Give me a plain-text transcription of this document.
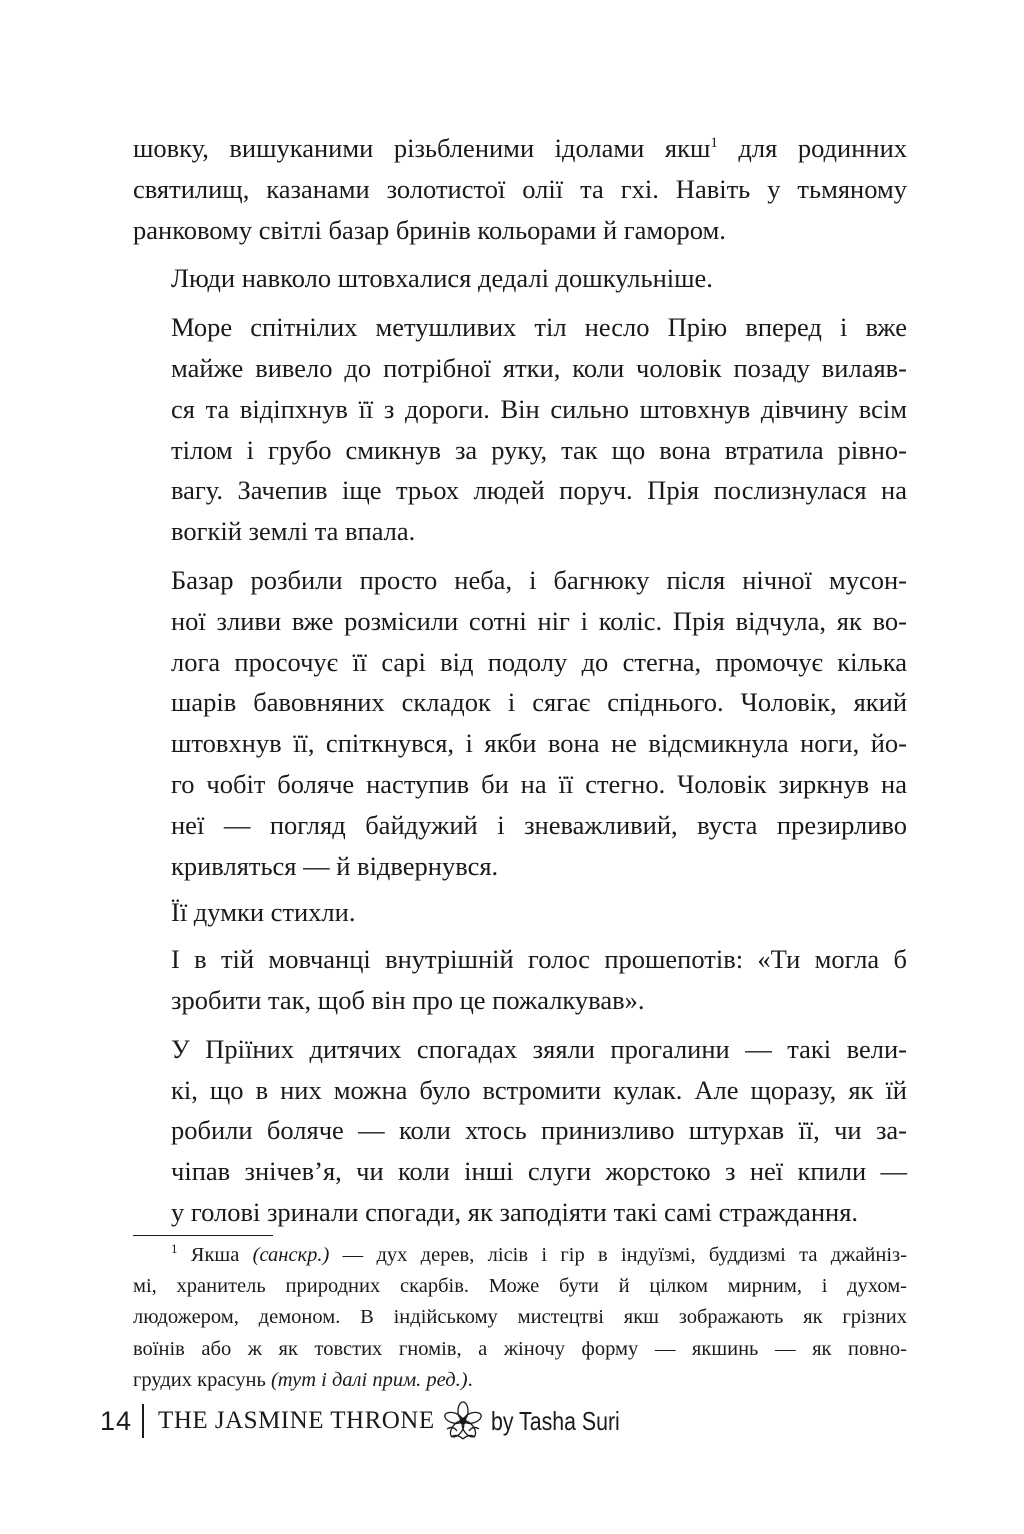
шовку, вишуканими різьбленими ідолами якш$^1$ для родинних
святилищ, казанами золотистої олії та гхі. Навіть у тьмяному
ранковому світлі базар бринів кольорами й гамором.

Люди навколо штовхалися дедалі дошкульніше.

Море спітнілих метушливих тіл несло Прію вперед і вже
майже вивело до потрібної ятки, коли чоловік позаду вилаяв-
ся та відіпхнув її з дороги. Він сильно штовхнув дівчину всім
тілом і грубо смикнув за руку, так що вона втратила рівно-
вагу. Зачепив іще трьох людей поруч. Прія послизнулася на
вогкій землі та впала.

Базар розбили просто неба, і багнюку після нічної мусон-
ної зливи вже розмісили сотні ніг і коліс. Прія відчула, як во-
лога просочує її сарі від подолу до стегна, промочує кілька
шарів бавовняних складок і сягає спіднього. Чоловік, який
штовхнув її, спіткнувся, і якби вона не відсмикнула ноги, йо-
го чобіт боляче наступив би на її стегно. Чоловік зиркнув на
неї — погляд байдужий і зневажливий, вуста презирливо
кривляться — й відвернувся.

Її думки стихли.

І в тій мовчанці внутрішній голос прошепотів: «Ти могла б
зробити так, щоб він про це пожалкував».

У Пріїних дитячих спогадах зяяли прогалини — такі вели-
кі, що в них можна було встромити кулак. Але щоразу, як їй
робили боляче — коли хтось принизливо штурхав її, чи за-
чіпав знічев’я, чи коли інші слуги жорстоко з неї кпили —
у голові зринали спогади, як заподіяти такі самі страждання.

$^1$ Якша (санскр.) — дух дерев, лісів і гір в індуїзмі, буддизмі та джайніз-
мі, хранитель природних скарбів. Може бути й цілком мирним, і духом-
людожером, демоном. В індійському мистецтві якш зображають як грізних
воїнів або ж як товстих гномів, а жіночу форму — якшинь — як повно-
грудих красунь (тут і далі прим. ред.).
14 THE JASMINE THRONE by Tasha Suri
